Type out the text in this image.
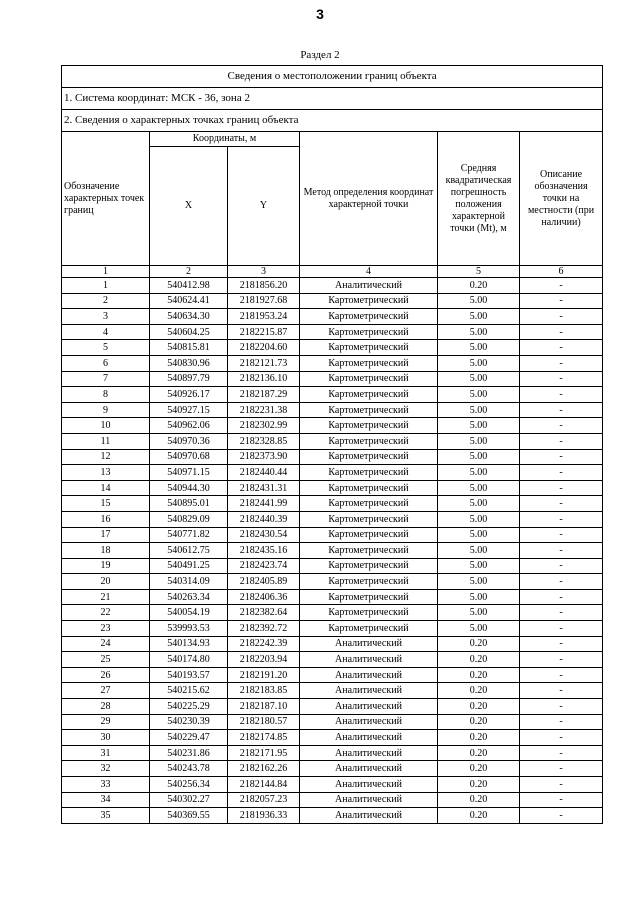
3
Раздел 2
Сведения о местоположении границ объекта					
1. Система координат: МСК - 36, зона 2					
2. Сведения о характерных точках границ объекта					
Обозначение характерных точек границ	Координаты, м		Метод определения координат характерной точки	Средняя квадратическая погрешность положения характерной точки (Mt), м	Описание обозначения точки на местности (при наличии)
	X	Y			
1	2	3	4	5	6
1	540412.98	2181856.20	Аналитический	0.20	-
2	540624.41	2181927.68	Картометрический	5.00	-
3	540634.30	2181953.24	Картометрический	5.00	-
4	540604.25	2182215.87	Картометрический	5.00	-
5	540815.81	2182204.60	Картометрический	5.00	-
6	540830.96	2182121.73	Картометрический	5.00	-
7	540897.79	2182136.10	Картометрический	5.00	-
8	540926.17	2182187.29	Картометрический	5.00	-
9	540927.15	2182231.38	Картометрический	5.00	-
10	540962.06	2182302.99	Картометрический	5.00	-
11	540970.36	2182328.85	Картометрический	5.00	-
12	540970.68	2182373.90	Картометрический	5.00	-
13	540971.15	2182440.44	Картометрический	5.00	-
14	540944.30	2182431.31	Картометрический	5.00	-
15	540895.01	2182441.99	Картометрический	5.00	-
16	540829.09	2182440.39	Картометрический	5.00	-
17	540771.82	2182430.54	Картометрический	5.00	-
18	540612.75	2182435.16	Картометрический	5.00	-
19	540491.25	2182423.74	Картометрический	5.00	-
20	540314.09	2182405.89	Картометрический	5.00	-
21	540263.34	2182406.36	Картометрический	5.00	-
22	540054.19	2182382.64	Картометрический	5.00	-
23	539993.53	2182392.72	Картометрический	5.00	-
24	540134.93	2182242.39	Аналитический	0.20	-
25	540174.80	2182203.94	Аналитический	0.20	-
26	540193.57	2182191.20	Аналитический	0.20	-
27	540215.62	2182183.85	Аналитический	0.20	-
28	540225.29	2182187.10	Аналитический	0.20	-
29	540230.39	2182180.57	Аналитический	0.20	-
30	540229.47	2182174.85	Аналитический	0.20	-
31	540231.86	2182171.95	Аналитический	0.20	-
32	540243.78	2182162.26	Аналитический	0.20	-
33	540256.34	2182144.84	Аналитический	0.20	-
34	540302.27	2182057.23	Аналитический	0.20	-
35	540369.55	2181936.33	Аналитический	0.20	-
